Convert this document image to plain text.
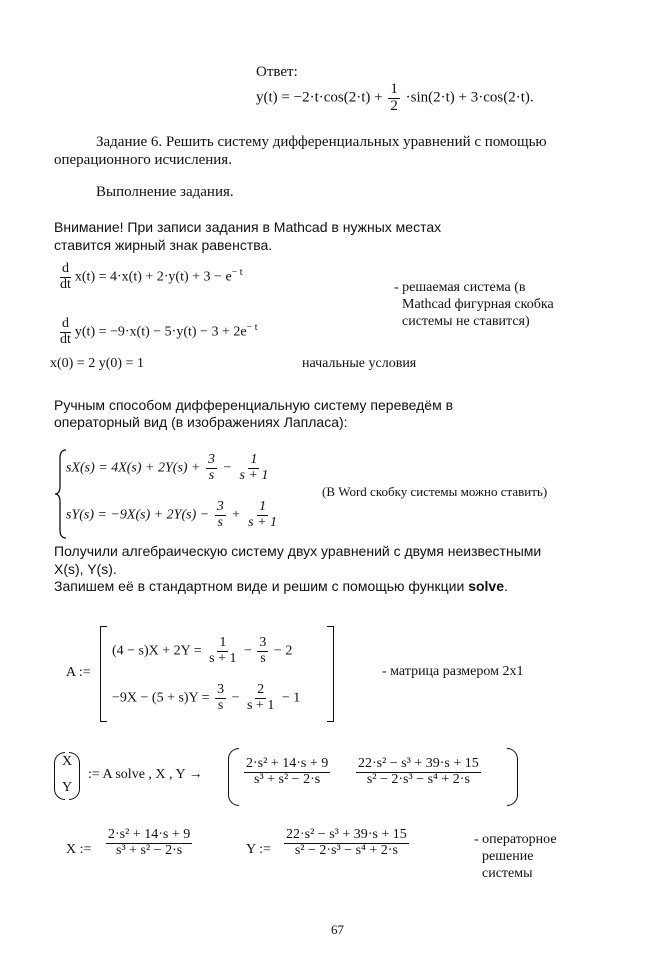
Ответ:
$y(t) = -2\cdot t\cdot\cos(2\cdot t) + \frac{1}{2} \cdot\sin(2\cdot t) + 3\cdot\cos(2\cdot t)$.
Задание 6. Решить систему дифференциальных уравнений с помощью
операционного исчисления.
Выполнение задания.
Внимание! При записи задания в Mathcad в нужных местах
ставится жирный знак равенства.
$\frac{d}{dt} x(t) = 4\cdot x(t) + 2\cdot y(t) + 3 - e^{- t}$
$\frac{d}{dt} y(t) = -9\cdot x(t) - 5\cdot y(t) - 3 + 2e^{- t}$
- решаемая система (в
Mathcad фигурная скобка
системы не ставится)
x(0) = 2 y(0) = 1	начальные условия
Ручным способом дифференциальную систему переведём в
операторный вид (в изображениях Лапласа):
$sX(s) = 4X(s) + 2Y(s) + \frac{3}{s} - \frac{1}{s + 1}$
$sY(s) = -9X(s) + 2Y(s) - \frac{3}{s} + \frac{1}{s + 1}$
(В Word скобку системы можно ставить)
Получили алгебраическую систему двух уравнений с двумя неизвестными
X(s), Y(s).
Запишем её в стандартном виде и решим с помощью функции solve.
A :=
$(4 - s)X + 2Y = \frac{1}{s + 1} - \frac{3}{s} - 2$
$-9X - (5 + s)Y = \frac{3}{s} - \frac{2}{s + 1} - 1$
- матрица размером 2x1
X
Y
:= A solve , X , Y →	$\frac{\text{2·s² + 14·s + 9}}{\text{s³ + s² − 2·s}} \frac{\text{22·s² − s³ + 39·s + 15}}{\text{s² − 2·s³ − s⁴ + 2·s}}$
X := $\frac{\text{2·s² + 14·s + 9}}{\text{s³ + s² − 2·s}}$	Y := $\frac{\text{22·s² − s³ + 39·s + 15}}{\text{s² − 2·s³ − s⁴ + 2·s}}$	- операторное
решение
системы
67
